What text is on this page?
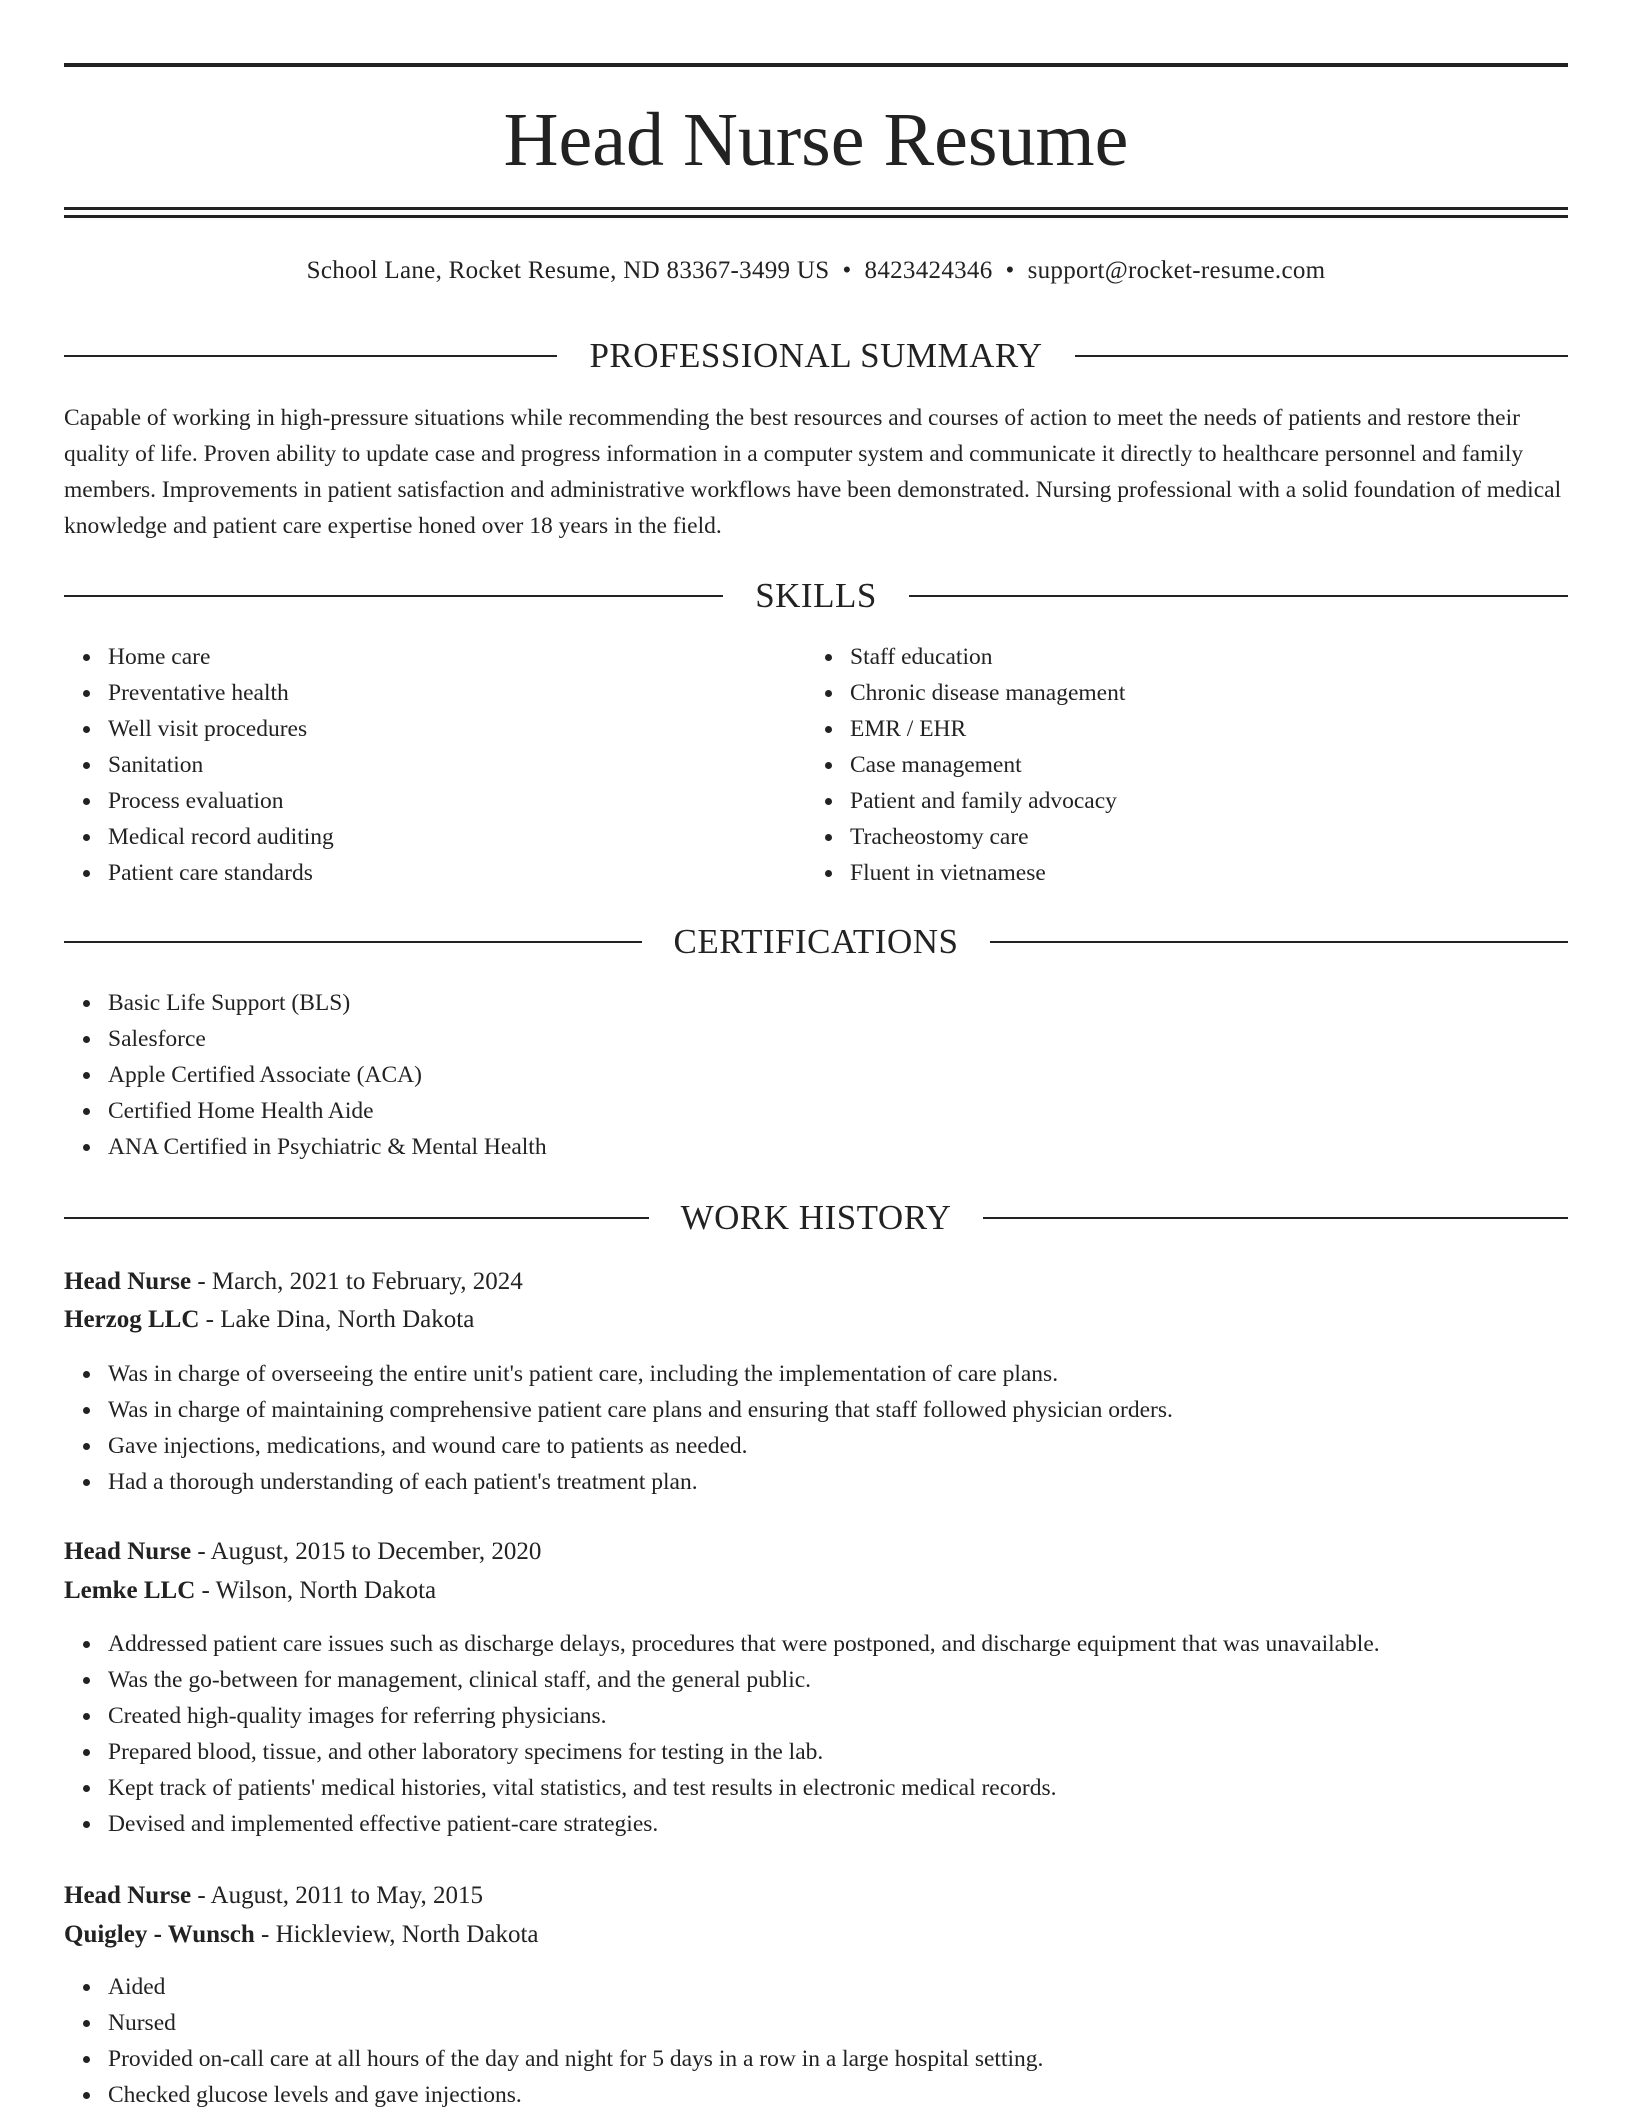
Head Nurse Resume
School Lane, Rocket Resume, ND 83367-3499 US • 8423424346 • support@rocket-resume.com
PROFESSIONAL SUMMARY
Capable of working in high-pressure situations while recommending the best resources and courses of action to meet the needs of patients and restore their quality of life. Proven ability to update case and progress information in a computer system and communicate it directly to healthcare personnel and family members. Improvements in patient satisfaction and administrative workflows have been demonstrated. Nursing professional with a solid foundation of medical knowledge and patient care expertise honed over 18 years in the field.
SKILLS
Home care
Preventative health
Well visit procedures
Sanitation
Process evaluation
Medical record auditing
Patient care standards
Staff education
Chronic disease management
EMR / EHR
Case management
Patient and family advocacy
Tracheostomy care
Fluent in vietnamese
CERTIFICATIONS
Basic Life Support (BLS)
Salesforce
Apple Certified Associate (ACA)
Certified Home Health Aide
ANA Certified in Psychiatric & Mental Health
WORK HISTORY
Head Nurse - March, 2021 to February, 2024
Herzog LLC - Lake Dina, North Dakota
Was in charge of overseeing the entire unit's patient care, including the implementation of care plans.
Was in charge of maintaining comprehensive patient care plans and ensuring that staff followed physician orders.
Gave injections, medications, and wound care to patients as needed.
Had a thorough understanding of each patient's treatment plan.
Head Nurse - August, 2015 to December, 2020
Lemke LLC - Wilson, North Dakota
Addressed patient care issues such as discharge delays, procedures that were postponed, and discharge equipment that was unavailable.
Was the go-between for management, clinical staff, and the general public.
Created high-quality images for referring physicians.
Prepared blood, tissue, and other laboratory specimens for testing in the lab.
Kept track of patients' medical histories, vital statistics, and test results in electronic medical records.
Devised and implemented effective patient-care strategies.
Head Nurse - August, 2011 to May, 2015
Quigley - Wunsch - Hickleview, North Dakota
Aided
Nursed
Provided on-call care at all hours of the day and night for 5 days in a row in a large hospital setting.
Checked glucose levels and gave injections.
